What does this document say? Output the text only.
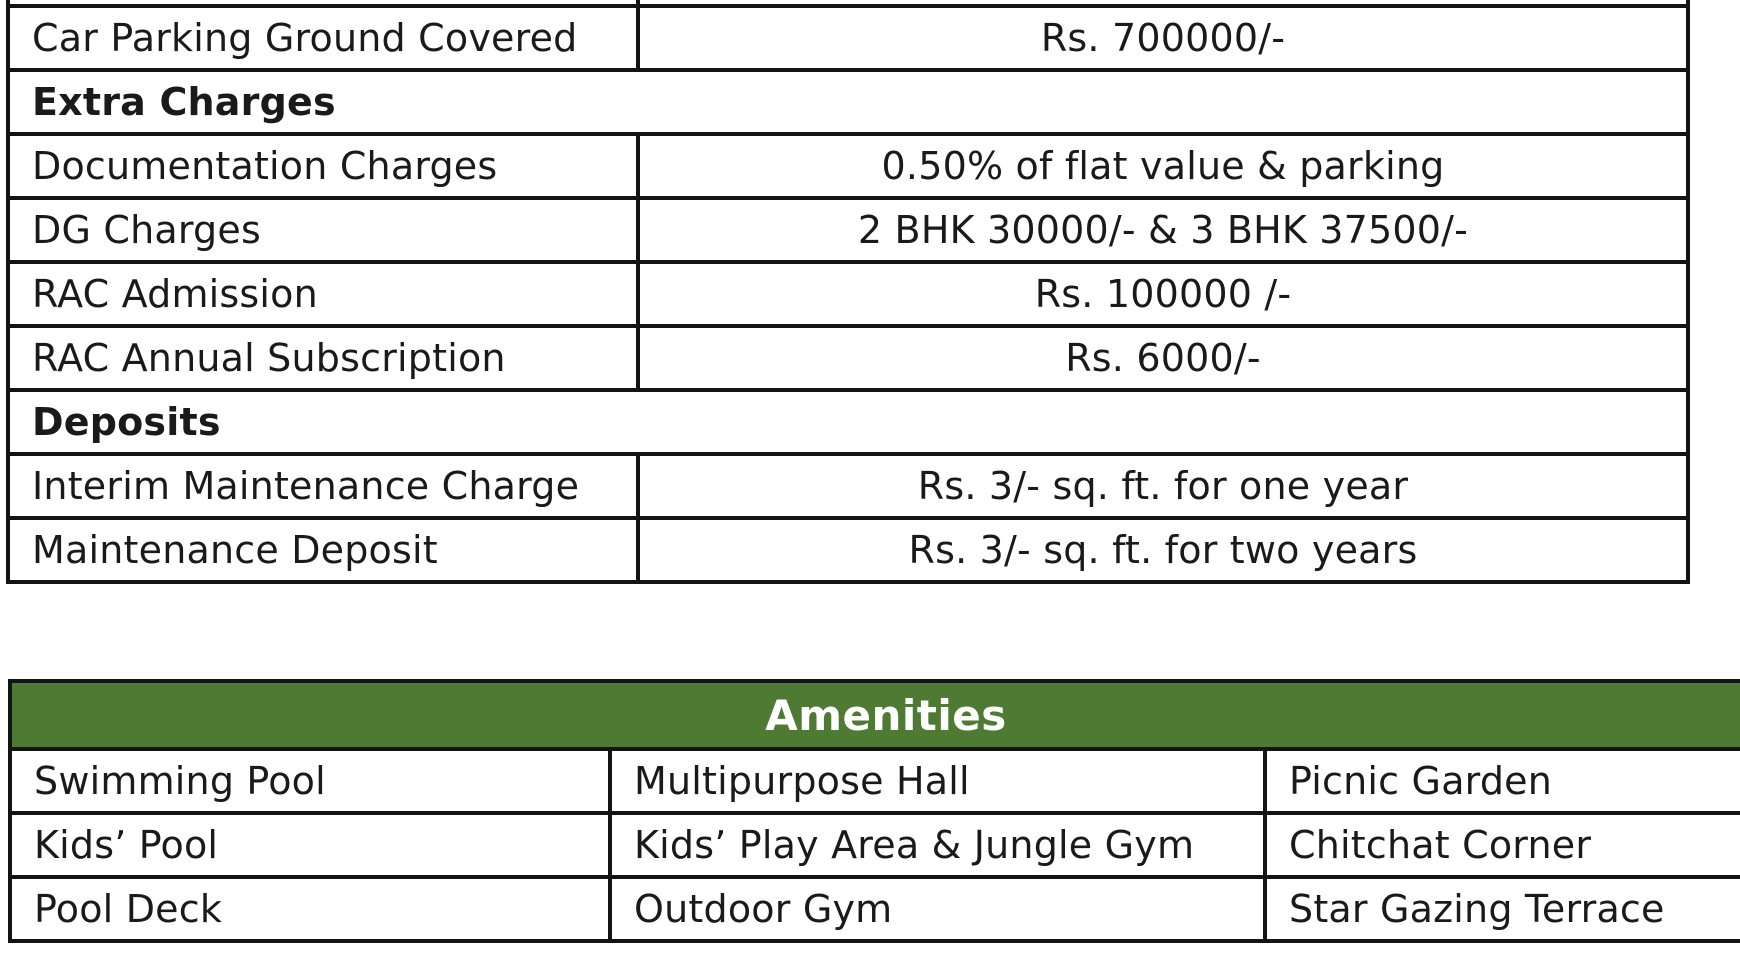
Car Parking Ground Covered	Rs. 700000/-
Extra Charges	
Documentation Charges	0.50% of flat value & parking
DG Charges	2 BHK 30000/- & 3 BHK 37500/-
RAC Admission	Rs. 100000 /-
RAC Annual Subscription	Rs. 6000/-
Deposits	
Interim Maintenance Charge	Rs. 3/- sq. ft. for one year
Maintenance Deposit	Rs. 3/- sq. ft. for two years
Amenities		
Swimming Pool	Multipurpose Hall	Picnic Garden
Kids’ Pool	Kids’ Play Area & Jungle Gym	Chitchat Corner
Pool Deck	Outdoor Gym	Star Gazing Terrace
